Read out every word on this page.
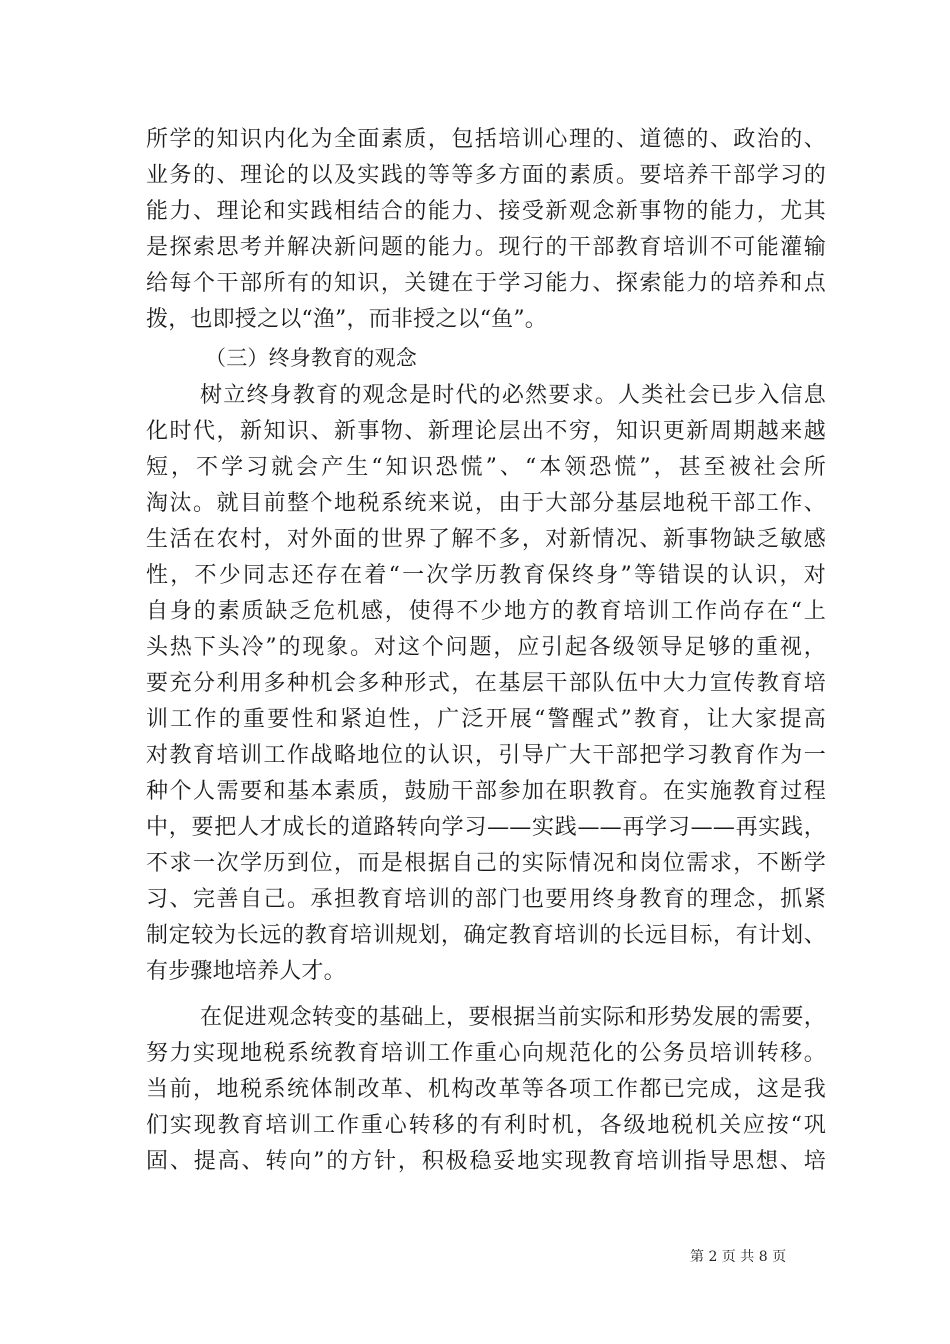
所学的知识内化为全面素质，包括培训心理的、道德的、政治的、
业务的、理论的以及实践的等等多方面的素质。要培养干部学习的
能力、理论和实践相结合的能力、接受新观念新事物的能力，尤其
是探索思考并解决新问题的能力。现行的干部教育培训不可能灌输
给每个干部所有的知识，关键在于学习能力、探索能力的培养和点
拨，也即授之以“渔”，而非授之以“鱼”。
（三）终身教育的观念
树立终身教育的观念是时代的必然要求。人类社会已步入信息
化时代，新知识、新事物、新理论层出不穷，知识更新周期越来越
短，不学习就会产生“知识恐慌”、“本领恐慌”，甚至被社会所
淘汰。就目前整个地税系统来说，由于大部分基层地税干部工作、
生活在农村，对外面的世界了解不多，对新情况、新事物缺乏敏感
性，不少同志还存在着“一次学历教育保终身”等错误的认识，对
自身的素质缺乏危机感，使得不少地方的教育培训工作尚存在“上
头热下头冷”的现象。对这个问题，应引起各级领导足够的重视，
要充分利用多种机会多种形式，在基层干部队伍中大力宣传教育培
训工作的重要性和紧迫性，广泛开展“警醒式”教育，让大家提高
对教育培训工作战略地位的认识，引导广大干部把学习教育作为一
种个人需要和基本素质，鼓励干部参加在职教育。在实施教育过程
中，要把人才成长的道路转向学习——实践——再学习——再实践，
不求一次学历到位，而是根据自己的实际情况和岗位需求，不断学
习、完善自己。承担教育培训的部门也要用终身教育的理念，抓紧
制定较为长远的教育培训规划，确定教育培训的长远目标，有计划、
有步骤地培养人才。
在促进观念转变的基础上，要根据当前实际和形势发展的需要，
努力实现地税系统教育培训工作重心向规范化的公务员培训转移。
当前，地税系统体制改革、机构改革等各项工作都已完成，这是我
们实现教育培训工作重心转移的有利时机，各级地税机关应按“巩
固、提高、转向”的方针，积极稳妥地实现教育培训指导思想、培
第 2 页 共 8 页
